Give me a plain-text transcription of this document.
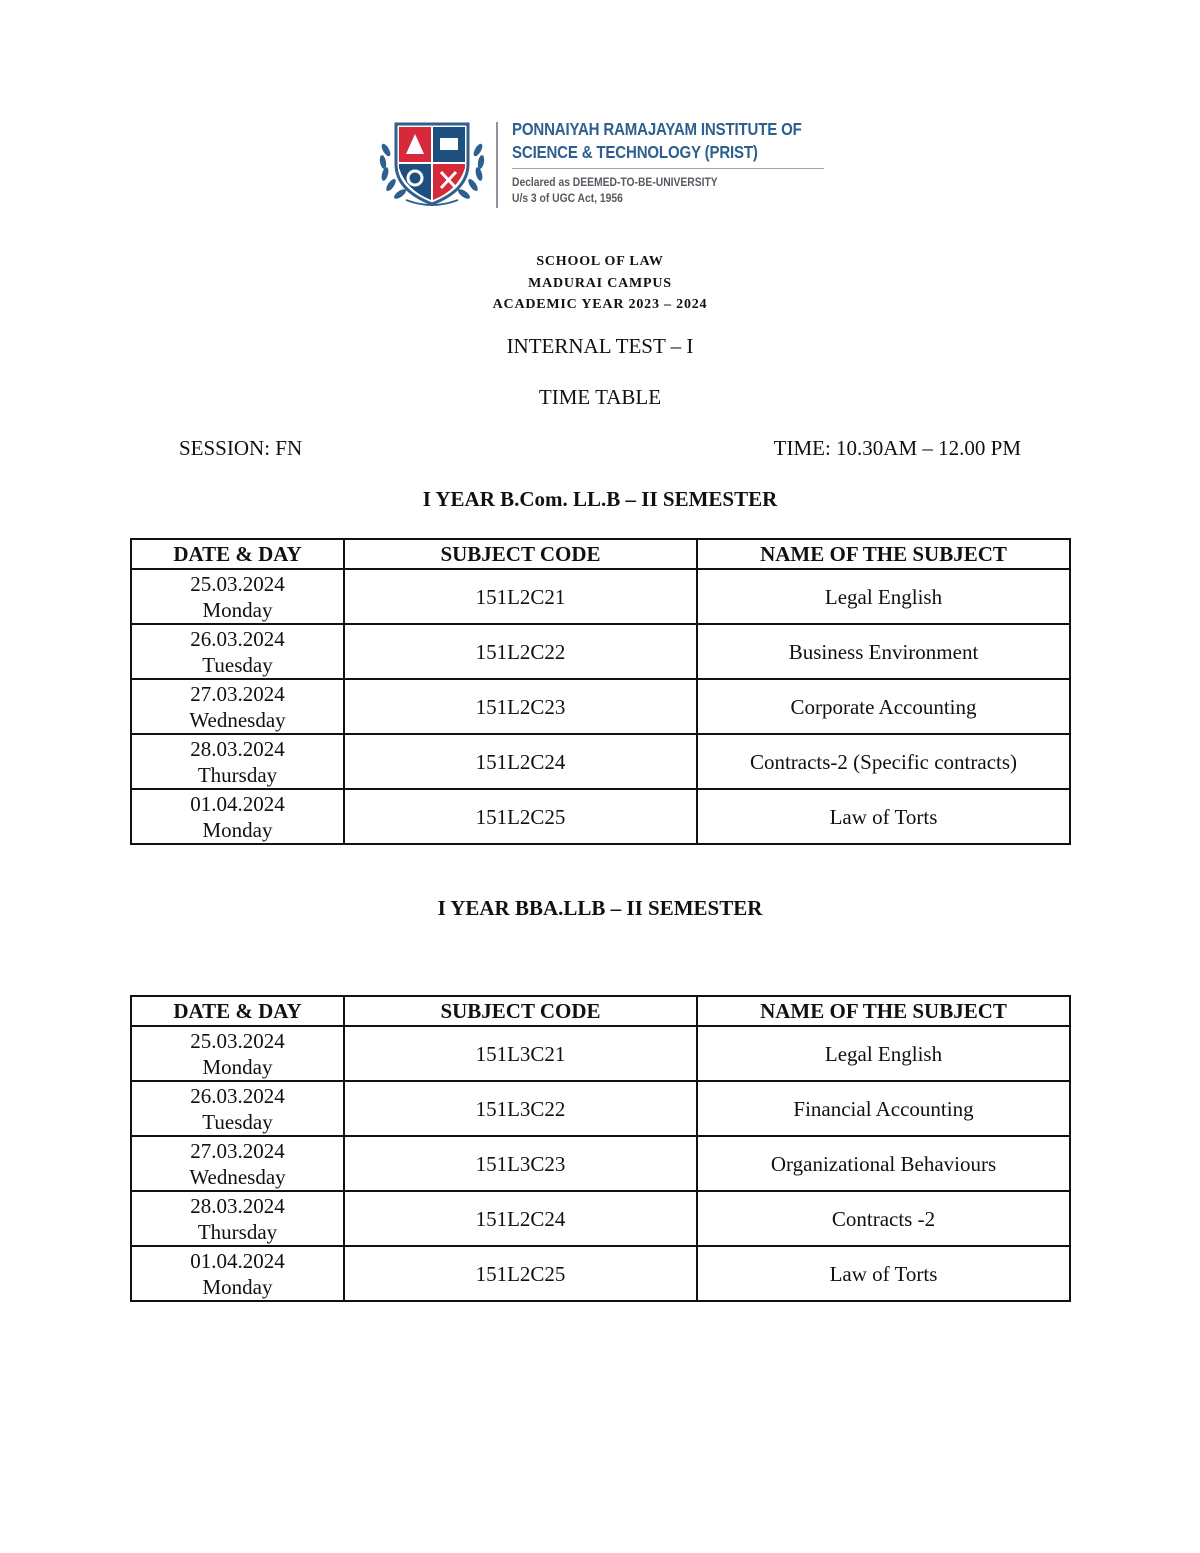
PONNAIYAH RAMAJAYAM INSTITUTE OF
SCIENCE & TECHNOLOGY (PRIST)
Declared as DEEMED-TO-BE-UNIVERSITY
U/s 3 of UGC Act, 1956
SCHOOL OF LAW
MADURAI CAMPUS
ACADEMIC YEAR 2023 – 2024
INTERNAL TEST – I
TIME TABLE
SESSION: FN	TIME: 10.30AM – 12.00 PM
I YEAR B.Com. LL.B – II SEMESTER
DATE & DAY	SUBJECT CODE	NAME OF THE SUBJECT

25.03.2024
Monday	151L2C21	Legal English

26.03.2024
Tuesday	151L2C22	Business Environment

27.03.2024
Wednesday	151L2C23	Corporate Accounting

28.03.2024
Thursday	151L2C24	Contracts-2 (Specific contracts)

01.04.2024
Monday	151L2C25	Law of Torts
I YEAR BBA.LLB – II SEMESTER
DATE & DAY	SUBJECT CODE	NAME OF THE SUBJECT

25.03.2024
Monday	151L3C21	Legal English

26.03.2024
Tuesday	151L3C22	Financial Accounting

27.03.2024
Wednesday	151L3C23	Organizational Behaviours

28.03.2024
Thursday	151L2C24	Contracts -2

01.04.2024
Monday	151L2C25	Law of Torts
